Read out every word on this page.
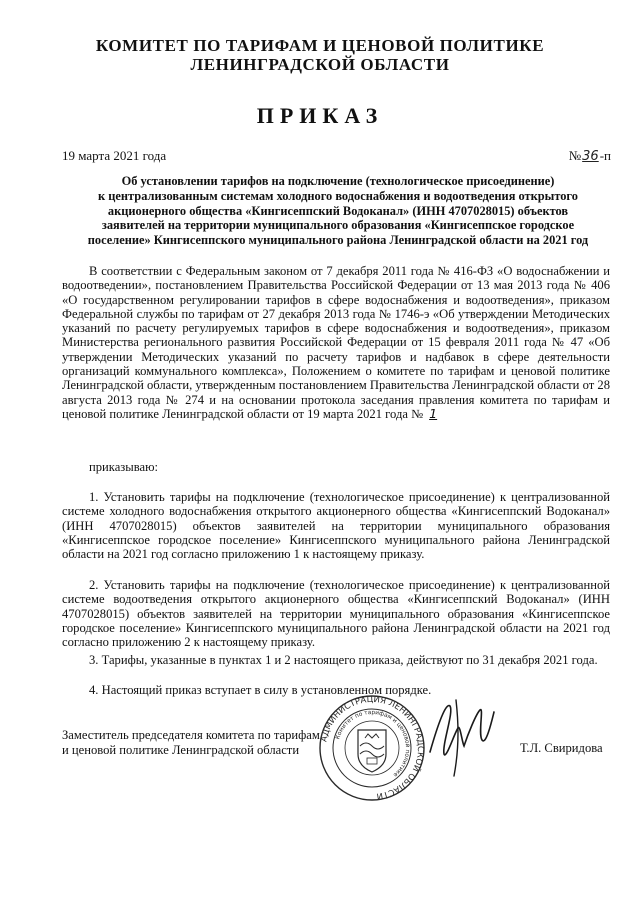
КОМИТЕТ ПО ТАРИФАМ И ЦЕНОВОЙ ПОЛИТИКЕ
ЛЕНИНГРАДСКОЙ ОБЛАСТИ
ПРИКАЗ
19 марта 2021 года	№36-п
Об установлении тарифов на подключение (технологическое присоединение)
к централизованным системам холодного водоснабжения и водоотведения открытого
акционерного общества «Кингисеппский Водоканал» (ИНН 4707028015) объектов
заявителей на территории муниципального образования «Кингисеппское городское
поселение» Кингисеппского муниципального района Ленинградской области на 2021 год

В соответствии с Федеральным законом от 7 декабря 2011 года № 416-ФЗ «О водоснабжении и водоотведении», постановлением Правительства Российской Федерации от 13 мая 2013 года № 406 «О государственном регулировании тарифов в сфере водоснабжения и водоотведения», приказом Федеральной службы по тарифам от 27 декабря 2013 года № 1746-э «Об утверждении Методических указаний по расчету регулируемых тарифов в сфере водоснабжения и водоотведения», приказом Министерства регионального развития Российской Федерации от 15 февраля 2011 года № 47 «Об утверждении Методических указаний по расчету тарифов и надбавок в сфере деятельности организаций коммунального комплекса», Положением о комитете по тарифам и ценовой политике Ленинградской области, утвержденным постановлением Правительства Ленинградской области от 28 августа 2013 года № 274 и на основании протокола заседания правления комитета по тарифам и ценовой политике Ленинградской области от 19 марта 2021 года № 1

приказываю:

1. Установить тарифы на подключение (технологическое присоединение) к централизованной системе холодного водоснабжения открытого акционерного общества «Кингисеппский Водоканал» (ИНН 4707028015) объектов заявителей на территории муниципального образования «Кингисеппское городское поселение» Кингисеппского муниципального района Ленинградской области на 2021 год согласно приложению 1 к настоящему приказу.

2. Установить тарифы на подключение (технологическое присоединение) к централизованной системе водоотведения открытого акционерного общества «Кингисеппский Водоканал» (ИНН 4707028015) объектов заявителей на территории муниципального образования «Кингисеппское городское поселение» Кингисеппского муниципального района Ленинградской области на 2021 год согласно приложению 2 к настоящему приказу.

3. Тарифы, указанные в пунктах 1 и 2 настоящего приказа, действуют по 31 декабря 2021 года.

4. Настоящий приказ вступает в силу в установленном порядке.

Заместитель председателя комитета по тарифам
и ценовой политике Ленинградской области	Т.Л. Свиридова
АДМИНИСТРАЦИЯ ЛЕНИНГРАДСКОЙ ОБЛАСТИ
Комитет по тарифам и ценовой политике
